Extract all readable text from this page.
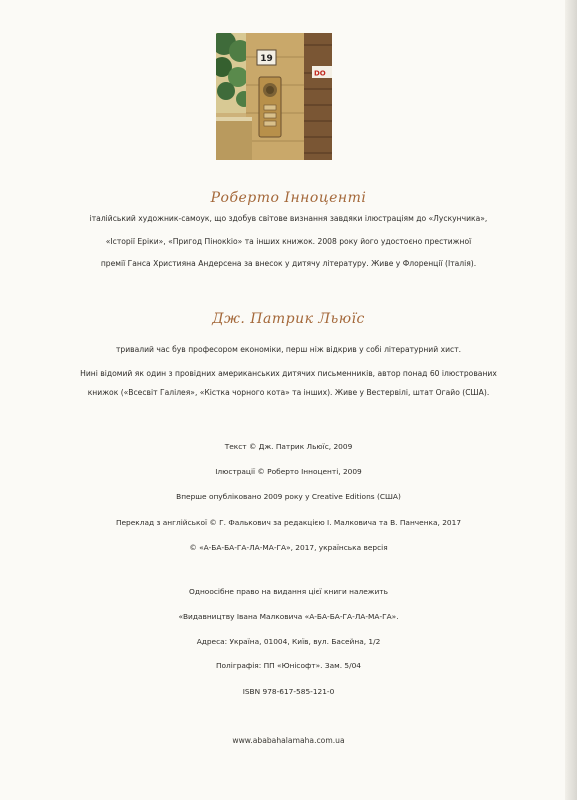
19
DO
Роберто Інноценті
італійський художник-самоук, що здобув світове визнання завдяки ілюстраціям до «Лускунчика»,
«Історії Еріки», «Пригод Пінокkio» та інших книжок. 2008 року його удостоєно престижної
премії Ганса Християна Андерсена за внесок у дитячу літературу. Живе у Флоренції (Італія).
Дж. Патрик Льюїс
тривалий час був професором економіки, перш ніж відкрив у собі літературний хист.
Нині відомий як один з провідних американських дитячих письменників, автор понад 60 ілюстрованих
книжок («Всесвіт Галілея», «Кістка чорного кота» та інших). Живе у Вестервілі, штат Огайо (США).
Текст © Дж. Патрик Льюїс, 2009
Ілюстрації © Роберто Інноценті, 2009
Вперше опубліковано 2009 року у Creative Editions (США)
Переклад з англійської © Г. Фалькович за редакцією І. Малковича та В. Панченка, 2017
© «А-БА-БА-ГА-ЛА-МА-ГА», 2017, українська версія
Одноосібне право на видання цієї книги належить
«Видавництву Івана Малковича «А-БА-БА-ГА-ЛА-МА-ГА».
Адреса: Україна, 01004, Київ, вул. Басейна, 1/2
Поліграфія: ПП «Юнісофт». Зам. 5/04
ISBN 978-617-585-121-0
www.ababahalamaha.com.ua
